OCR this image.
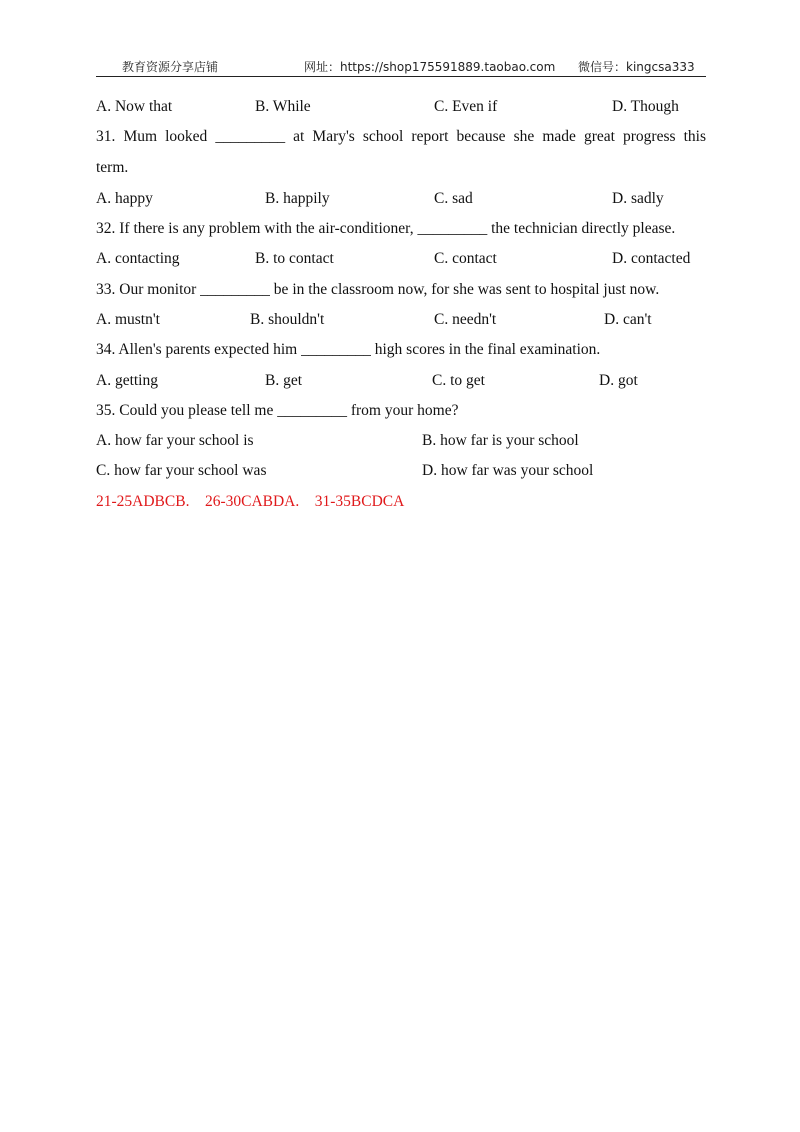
教育资源分享店铺	网址：https://shop175591889.taobao.com 微信号：kingcsa333
A. Now that	B. While	C. Even if	D. Though
31. Mum looked _________ at Mary's school report because she made great progress this
term.
A. happy	B. happily	C. sad	D. sadly
32. If there is any problem with the air-conditioner, _________ the technician directly please.
A. contacting	B. to contact	C. contact	D. contacted
33. Our monitor _________ be in the classroom now, for she was sent to hospital just now.
A. mustn't	B. shouldn't	C. needn't	D. can't
34. Allen's parents expected him _________ high scores in the final examination.
A. getting	B. get	C. to get	D. got
35. Could you please tell me _________ from your home?
A. how far your school is	B. how far is your school
C. how far your school was	D. how far was your school
21-25ADBCB.    26-30CABDA.    31-35BCDCA
